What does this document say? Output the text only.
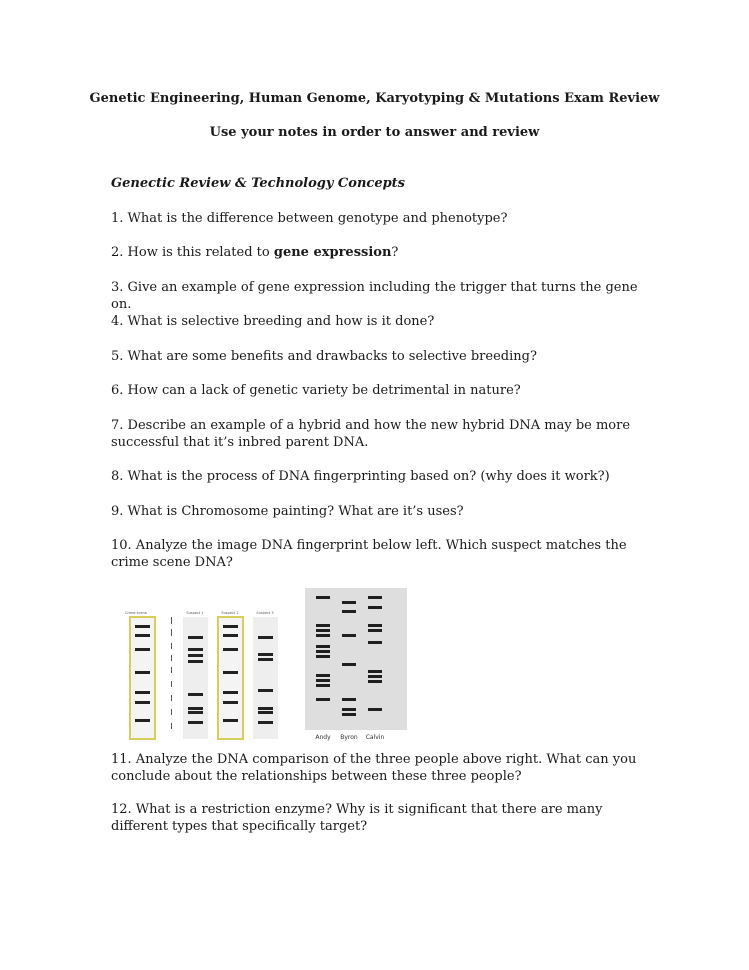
Genetic Engineering, Human Genome, Karyotyping & Mutations Exam Review
Use your notes in order to answer and review
Genectic Review & Technology Concepts
1. What is the difference between genotype and phenotype?
2. How is this related to gene expression?
3. Give an example of gene expression including the trigger that turns the gene on.
4. What is selective breeding and how is it done?
5. What are some benefits and drawbacks to selective breeding?
6. How can a lack of genetic variety be detrimental in nature?
7. Describe an example of a hybrid and how the new hybrid DNA may be more successful that it’s inbred parent DNA.
8. What is the process of DNA fingerprinting based on? (why does it work?)
9. What is Chromosome painting? What are it’s uses?
10. Analyze the image DNA fingerprint below left. Which suspect matches the crime scene DNA?
Crime scene	Suspect 1	Suspect 2	Suspect 3
Andy Byron Calvin
11. Analyze the DNA comparison of the three people above right. What can you conclude about the relationships between these three people?
12. What is a restriction enzyme? Why is it significant that there are many different types that specifically target?
